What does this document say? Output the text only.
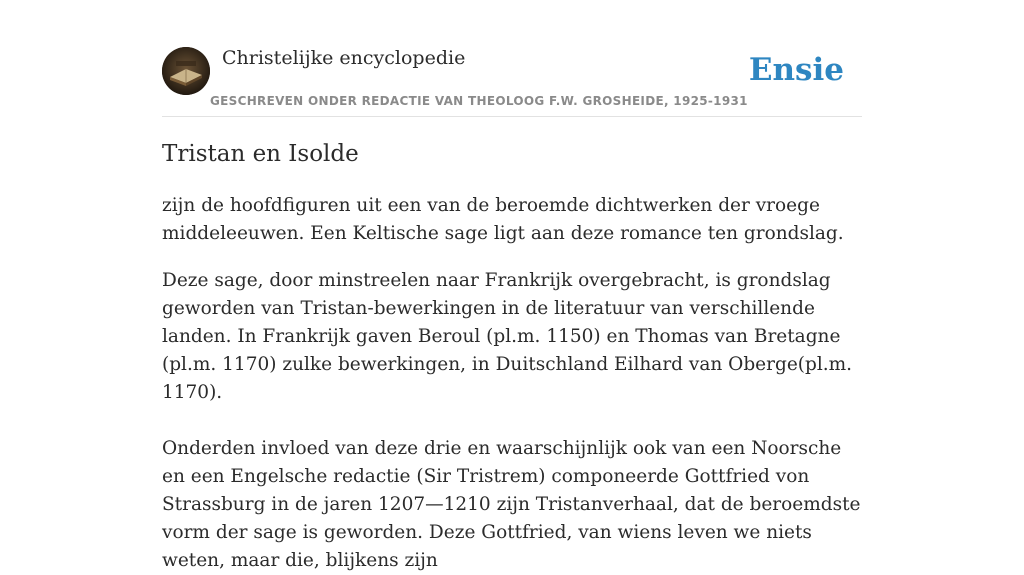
Christelijke encyclopedie
GESCHREVEN ONDER REDACTIE VAN THEOLOOG F.W. GROSHEIDE, 1925-1931
Ensie
Tristan en Isolde

zijn de hoofdfiguren uit een van de beroemde dichtwerken der vroege middeleeuwen. Een Keltische sage ligt aan deze romance ten grondslag.

Deze sage, door minstreelen naar Frankrijk overgebracht, is grondslag geworden van Tristan-bewerkingen in de literatuur van verschillende landen. In Frankrijk gaven Beroul (pl.m. 1150) en Thomas van Bretagne (pl.m. 1170) zulke bewerkingen, in Duitschland Eilhard van Oberge(pl.m. 1170).

Onderden invloed van deze drie en waarschijnlijk ook van een Noorsche en een Engelsche redactie (Sir Tristrem) componeerde Gottfried von Strassburg in de jaren 1207—1210 zijn Tristanverhaal, dat de beroemdste vorm der sage is geworden. Deze Gottfried, van wiens leven we niets weten, maar die, blijkens zijn
